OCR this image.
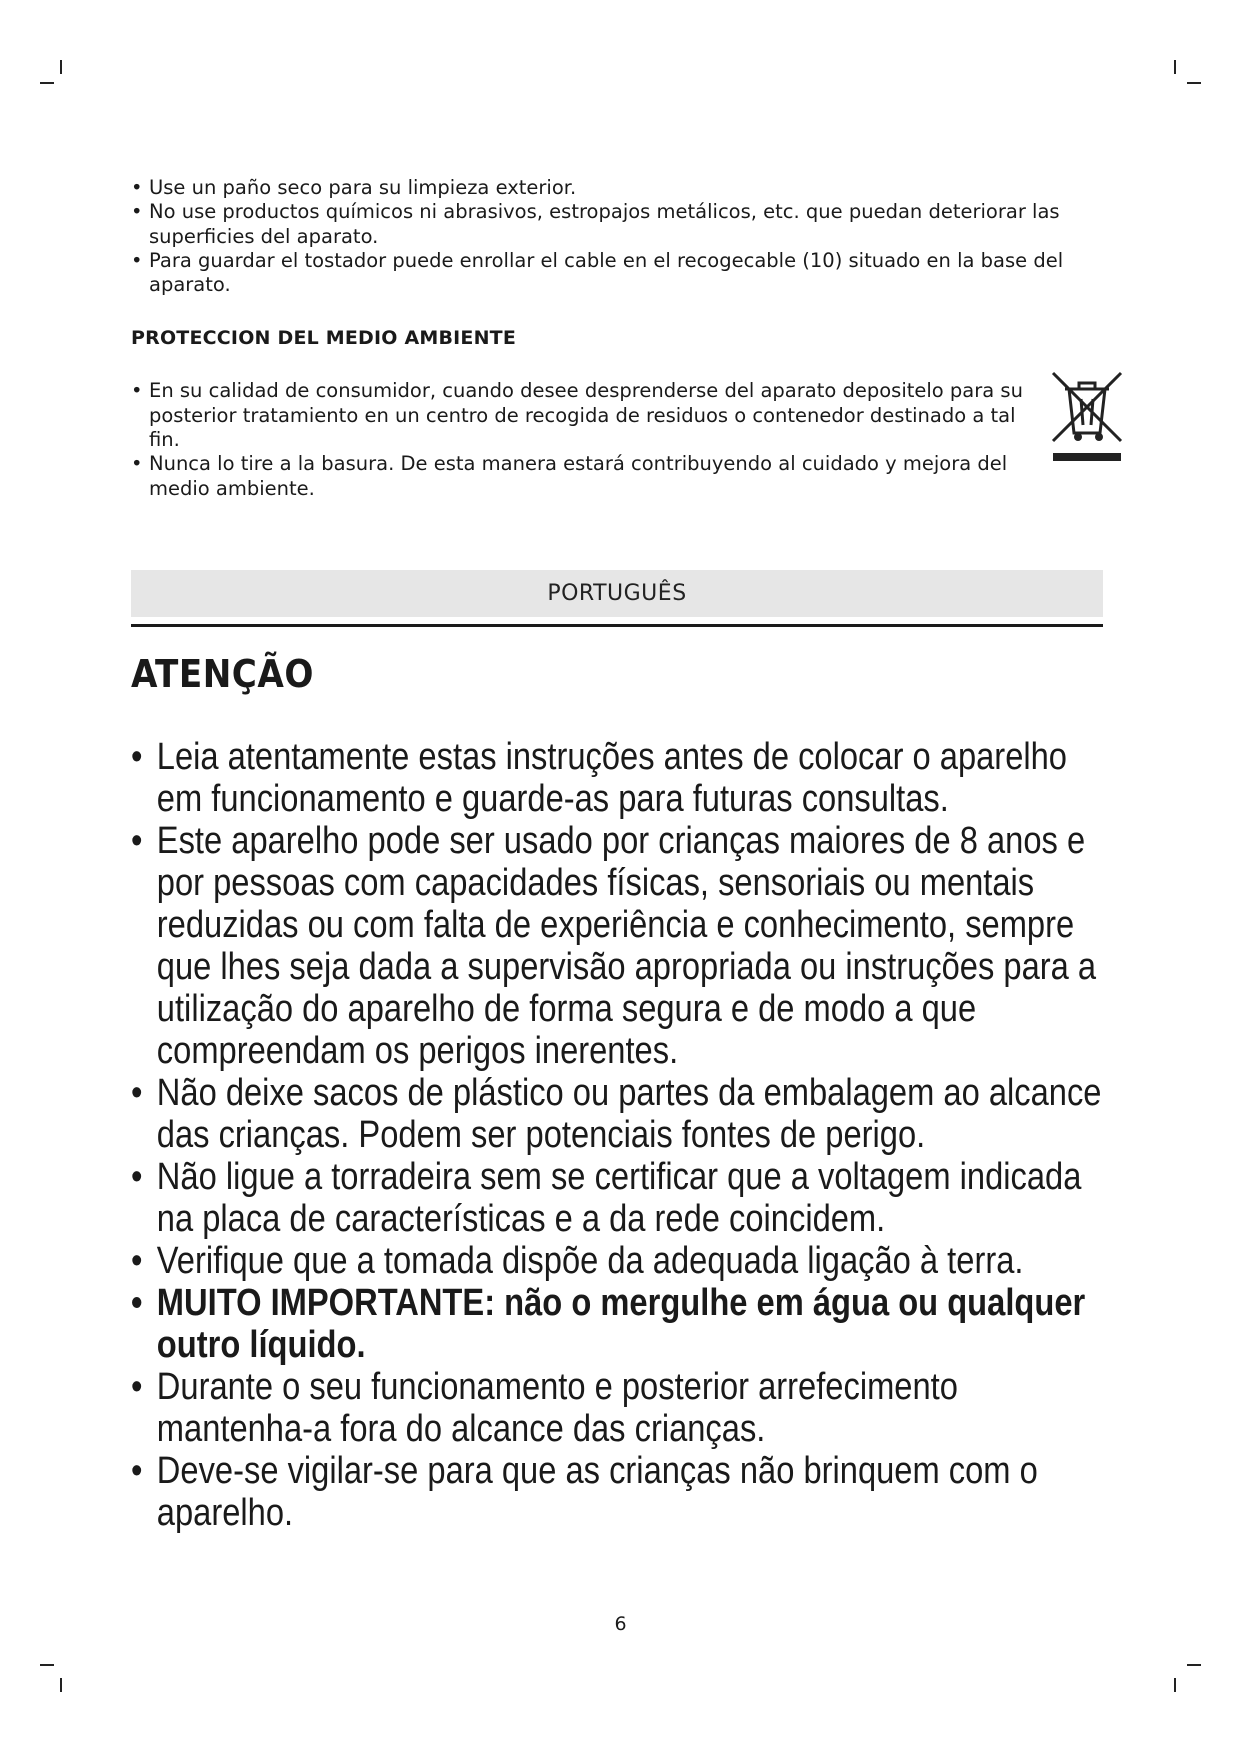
• Use un paño seco para su limpieza exterior.
• No use productos químicos ni abrasivos, estropajos metálicos, etc. que puedan deteriorar las superficies del aparato.
• Para guardar el tostador puede enrollar el cable en el recogecable (10) situado en la base del aparato.
PROTECCION DEL MEDIO AMBIENTE
• En su calidad de consumidor, cuando desee desprenderse del aparato depositelo para su posterior tratamiento en un centro de recogida de residuos o contenedor destinado a tal fin.
• Nunca lo tire a la basura. De esta manera estará contribuyendo al cuidado y mejora del medio ambiente.
PORTUGUÊS
ATENÇÃO
• Leia atentamente estas instruções antes de colocar o aparelho em funcionamento e guarde-as para futuras consultas.
• Este aparelho pode ser usado por crianças maiores de 8 anos e por pessoas com capacidades físicas, sensoriais ou mentais reduzidas ou com falta de experiência e conhecimento, sempre que lhes seja dada a supervisão apropriada ou instruções para a utilização do aparelho de forma segura e de modo a que compreendam os perigos inerentes.
• Não deixe sacos de plástico ou partes da embalagem ao alcance das crianças. Podem ser potenciais fontes de perigo.
• Não ligue a torradeira sem se certificar que a voltagem indicada na placa de características e a da rede coincidem.
• Verifique que a tomada dispõe da adequada ligação à terra.
• MUITO IMPORTANTE: não o mergulhe em água ou qualquer outro líquido.
• Durante o seu funcionamento e posterior arrefecimento mantenha-a fora do alcance das crianças.
• Deve-se vigilar-se para que as crianças não brinquem com o aparelho.
6
